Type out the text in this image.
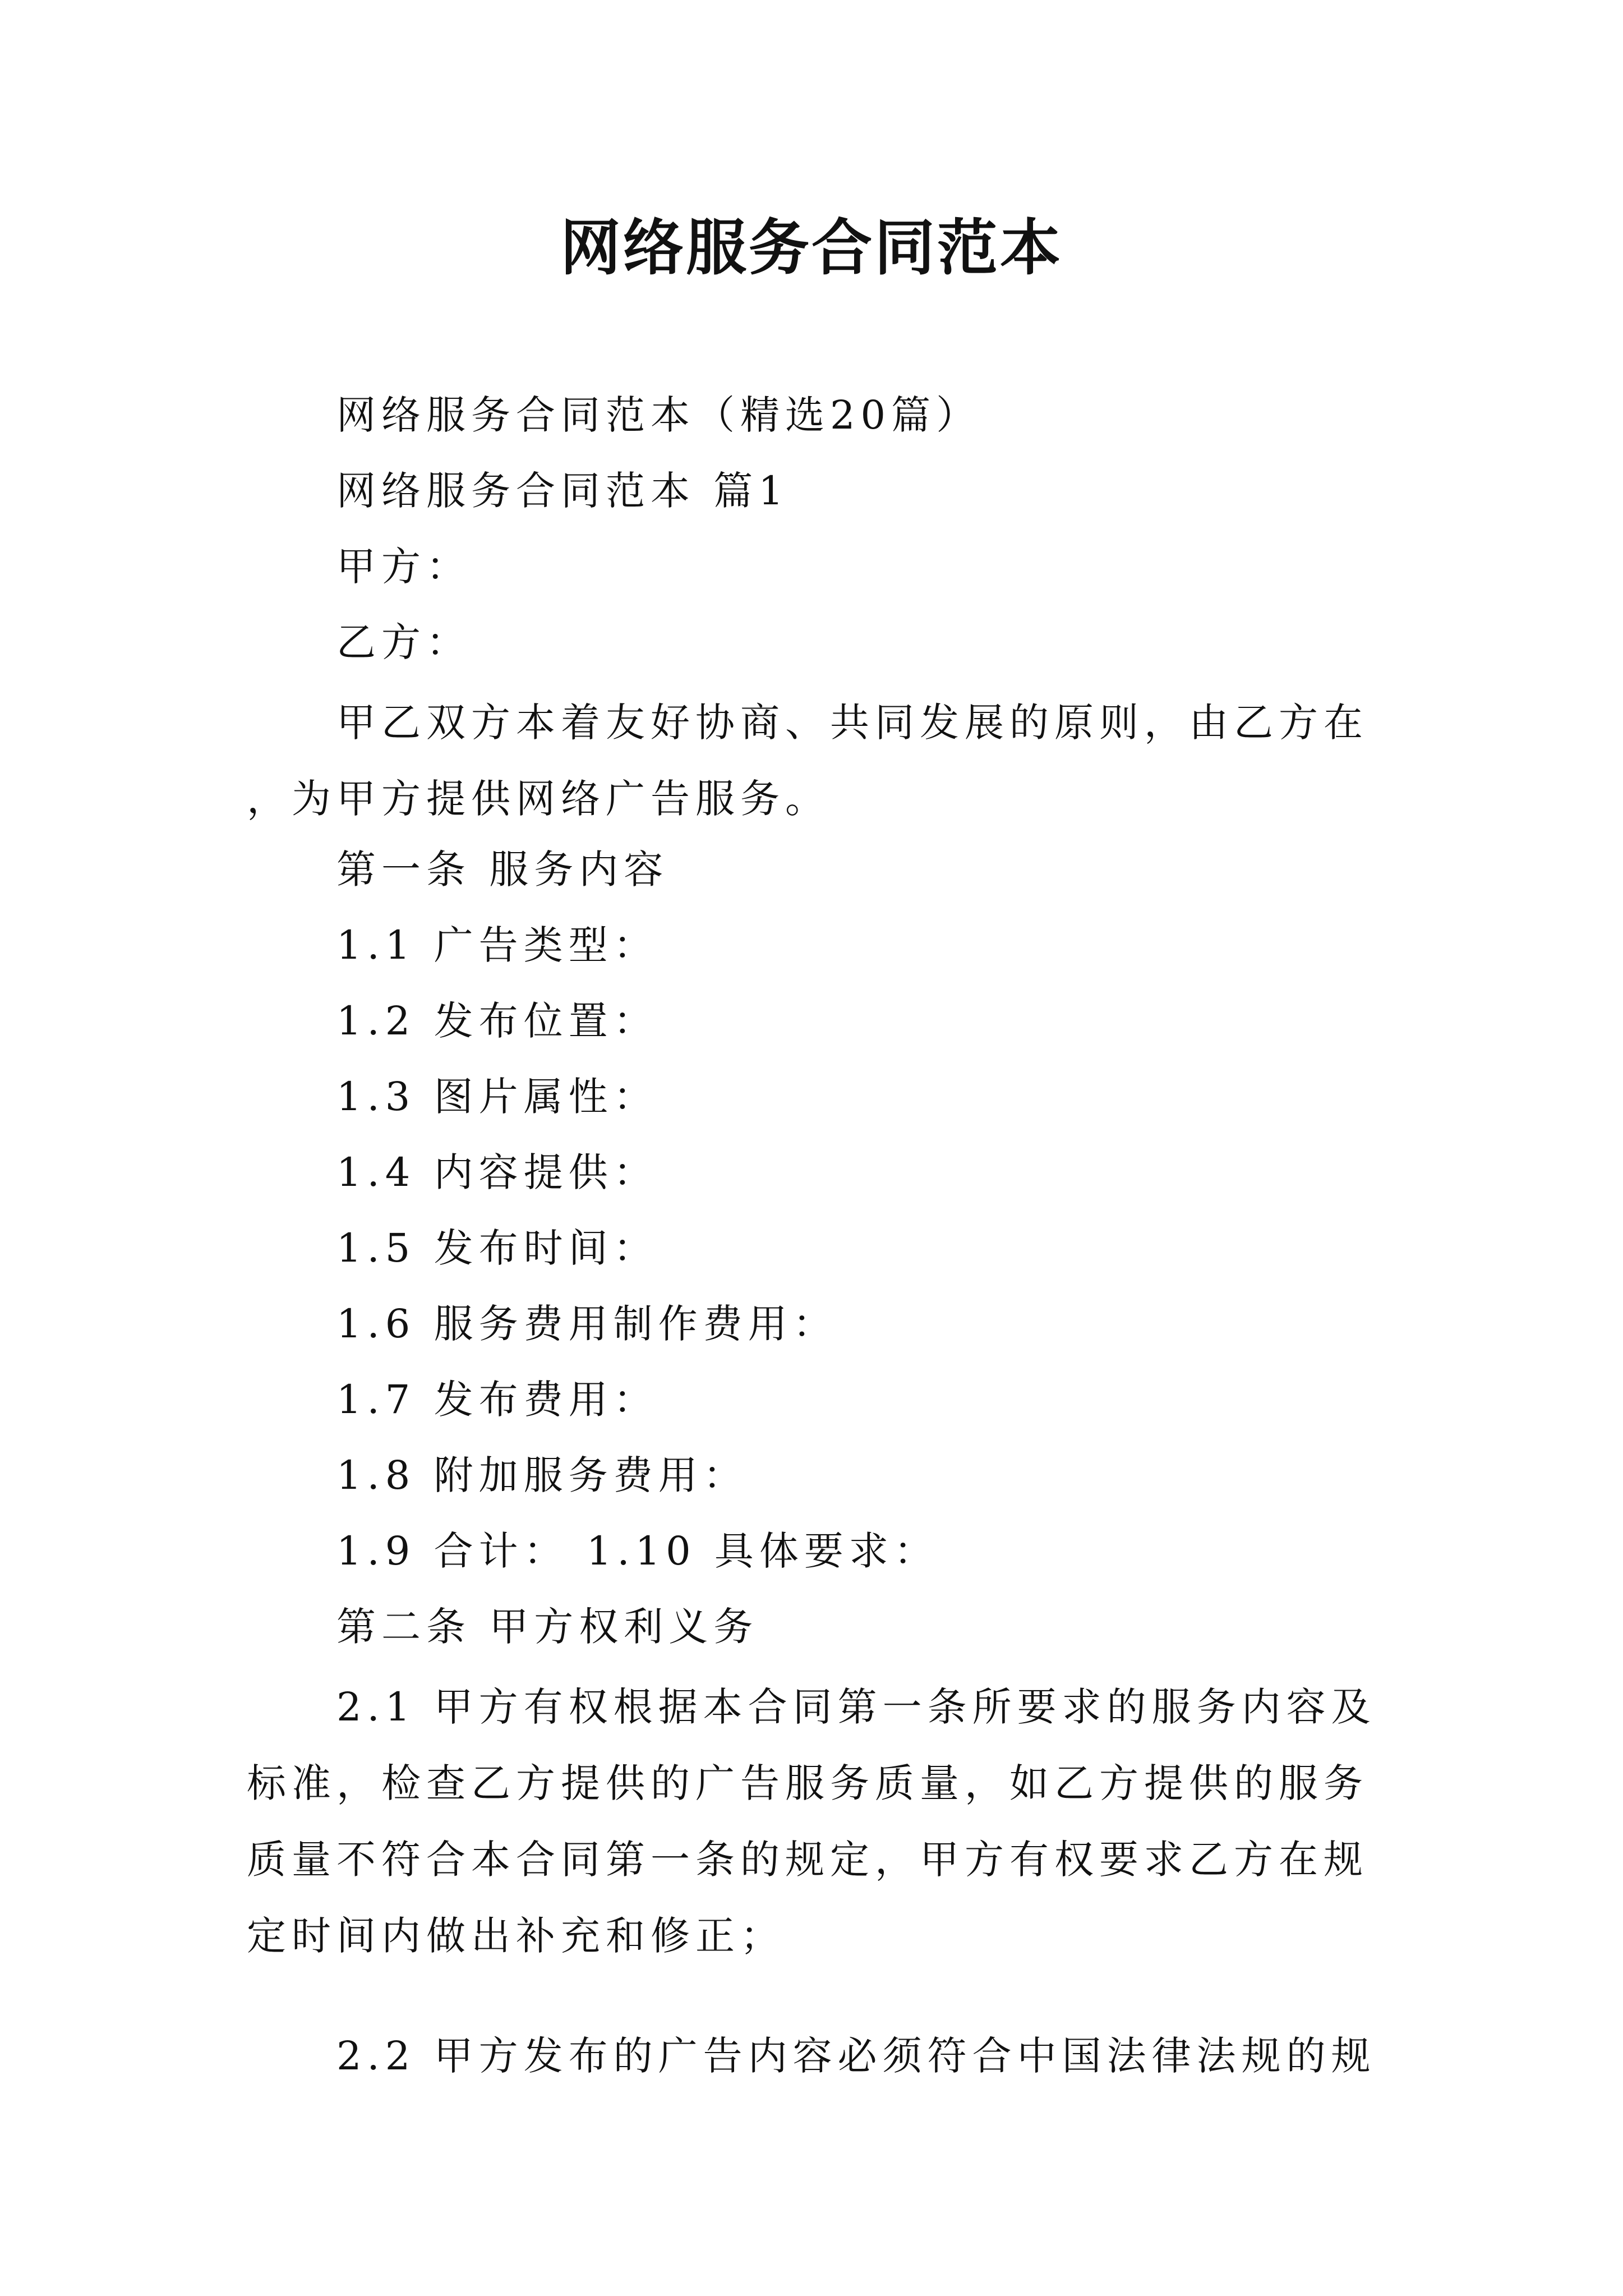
网络服务合同范本
网络服务合同范本（精选20篇）
网络服务合同范本 篇1
甲方：
乙方：
甲乙双方本着友好协商、共同发展的原则，由乙方在 ，为甲方提供网络广告服务。
第一条 服务内容
1.1 广告类型：
1.2 发布位置：
1.3 图片属性：
1.4 内容提供：
1.5 发布时间：
1.6 服务费用制作费用：
1.7 发布费用：
1.8 附加服务费用：
1.9 合计： 1.10 具体要求：
第二条 甲方权利义务
2.1 甲方有权根据本合同第一条所要求的服务内容及标准，检查乙方提供的广告服务质量，如乙方提供的服务质量不符合本合同第一条的规定，甲方有权要求乙方在规定时间内做出补充和修正；
2.2 甲方发布的广告内容必须符合中国法律法规的规
